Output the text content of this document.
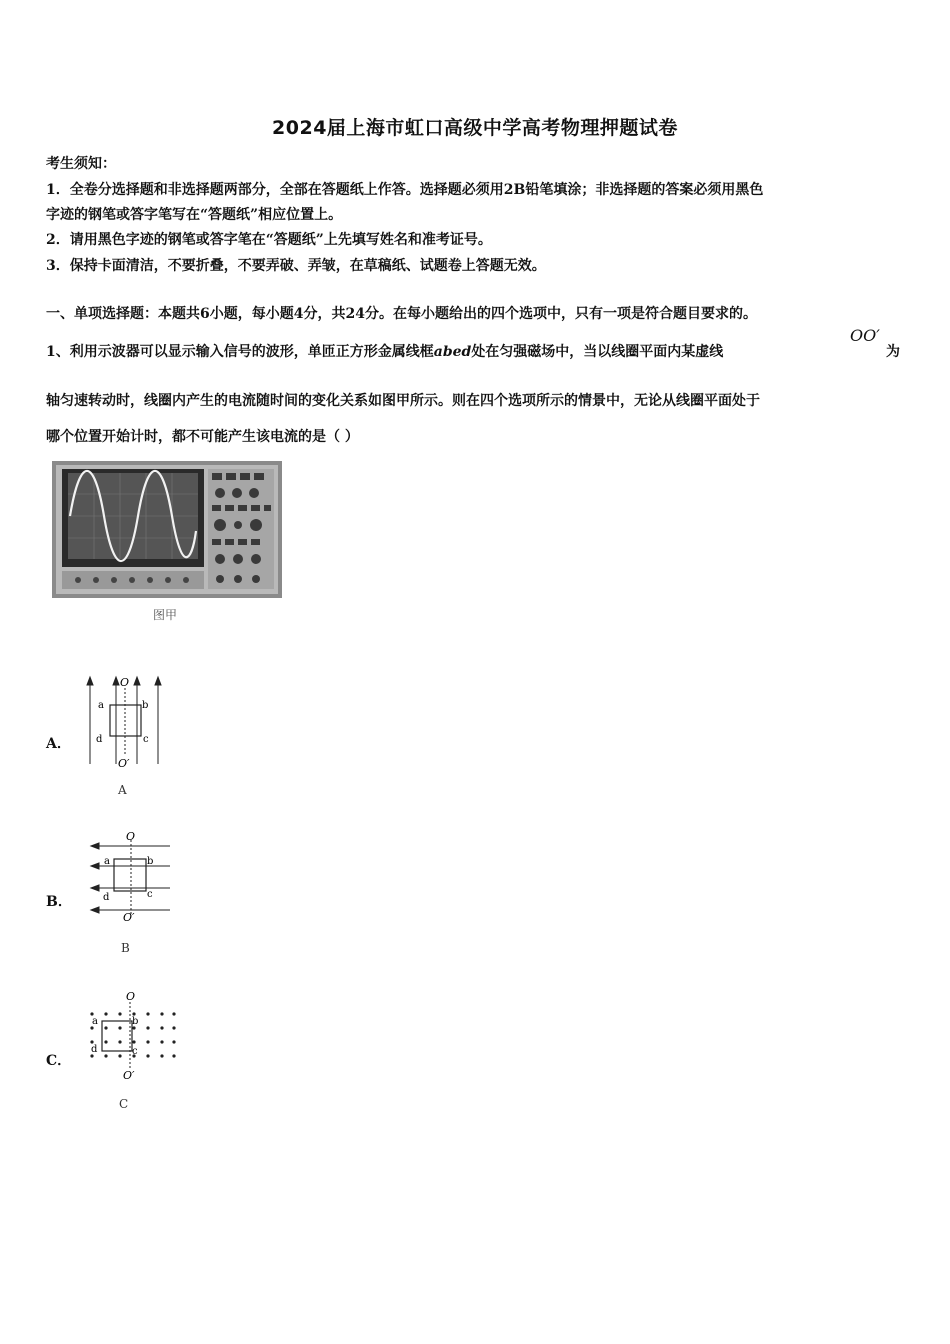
2024届上海市虹口高级中学高考物理押题试卷
考生须知：
1．全卷分选择题和非选择题两部分，全部在答题纸上作答。选择题必须用2B铅笔填涂；非选择题的答案必须用黑色
字迹的钢笔或答字笔写在“答题纸”相应位置上。
2．请用黑色字迹的钢笔或答字笔在“答题纸”上先填写姓名和准考证号。
3．保持卡面清洁，不要折叠，不要弄破、弄皱，在草稿纸、试题卷上答题无效。
一、单项选择题：本题共6小题，每小题4分，共24分。在每小题给出的四个选项中，只有一项是符合题目要求的。
1、利用示波器可以显示输入信号的波形，单匝正方形金属线框abed处在匀强磁场中，当以线圈平面内某虚线
OO′
为
轴匀速转动时，线圈内产生的电流随时间的变化关系如图甲所示。则在四个选项所示的情景中，无论从线圈平面处于
哪个位置开始计时，都不可能产生该电流的是（ ）
图甲
A．
O
O′
a	b
c
d
A
B．
O
O′
a	b
c
d
B
C．
O
O′
a	b
c
d
C
